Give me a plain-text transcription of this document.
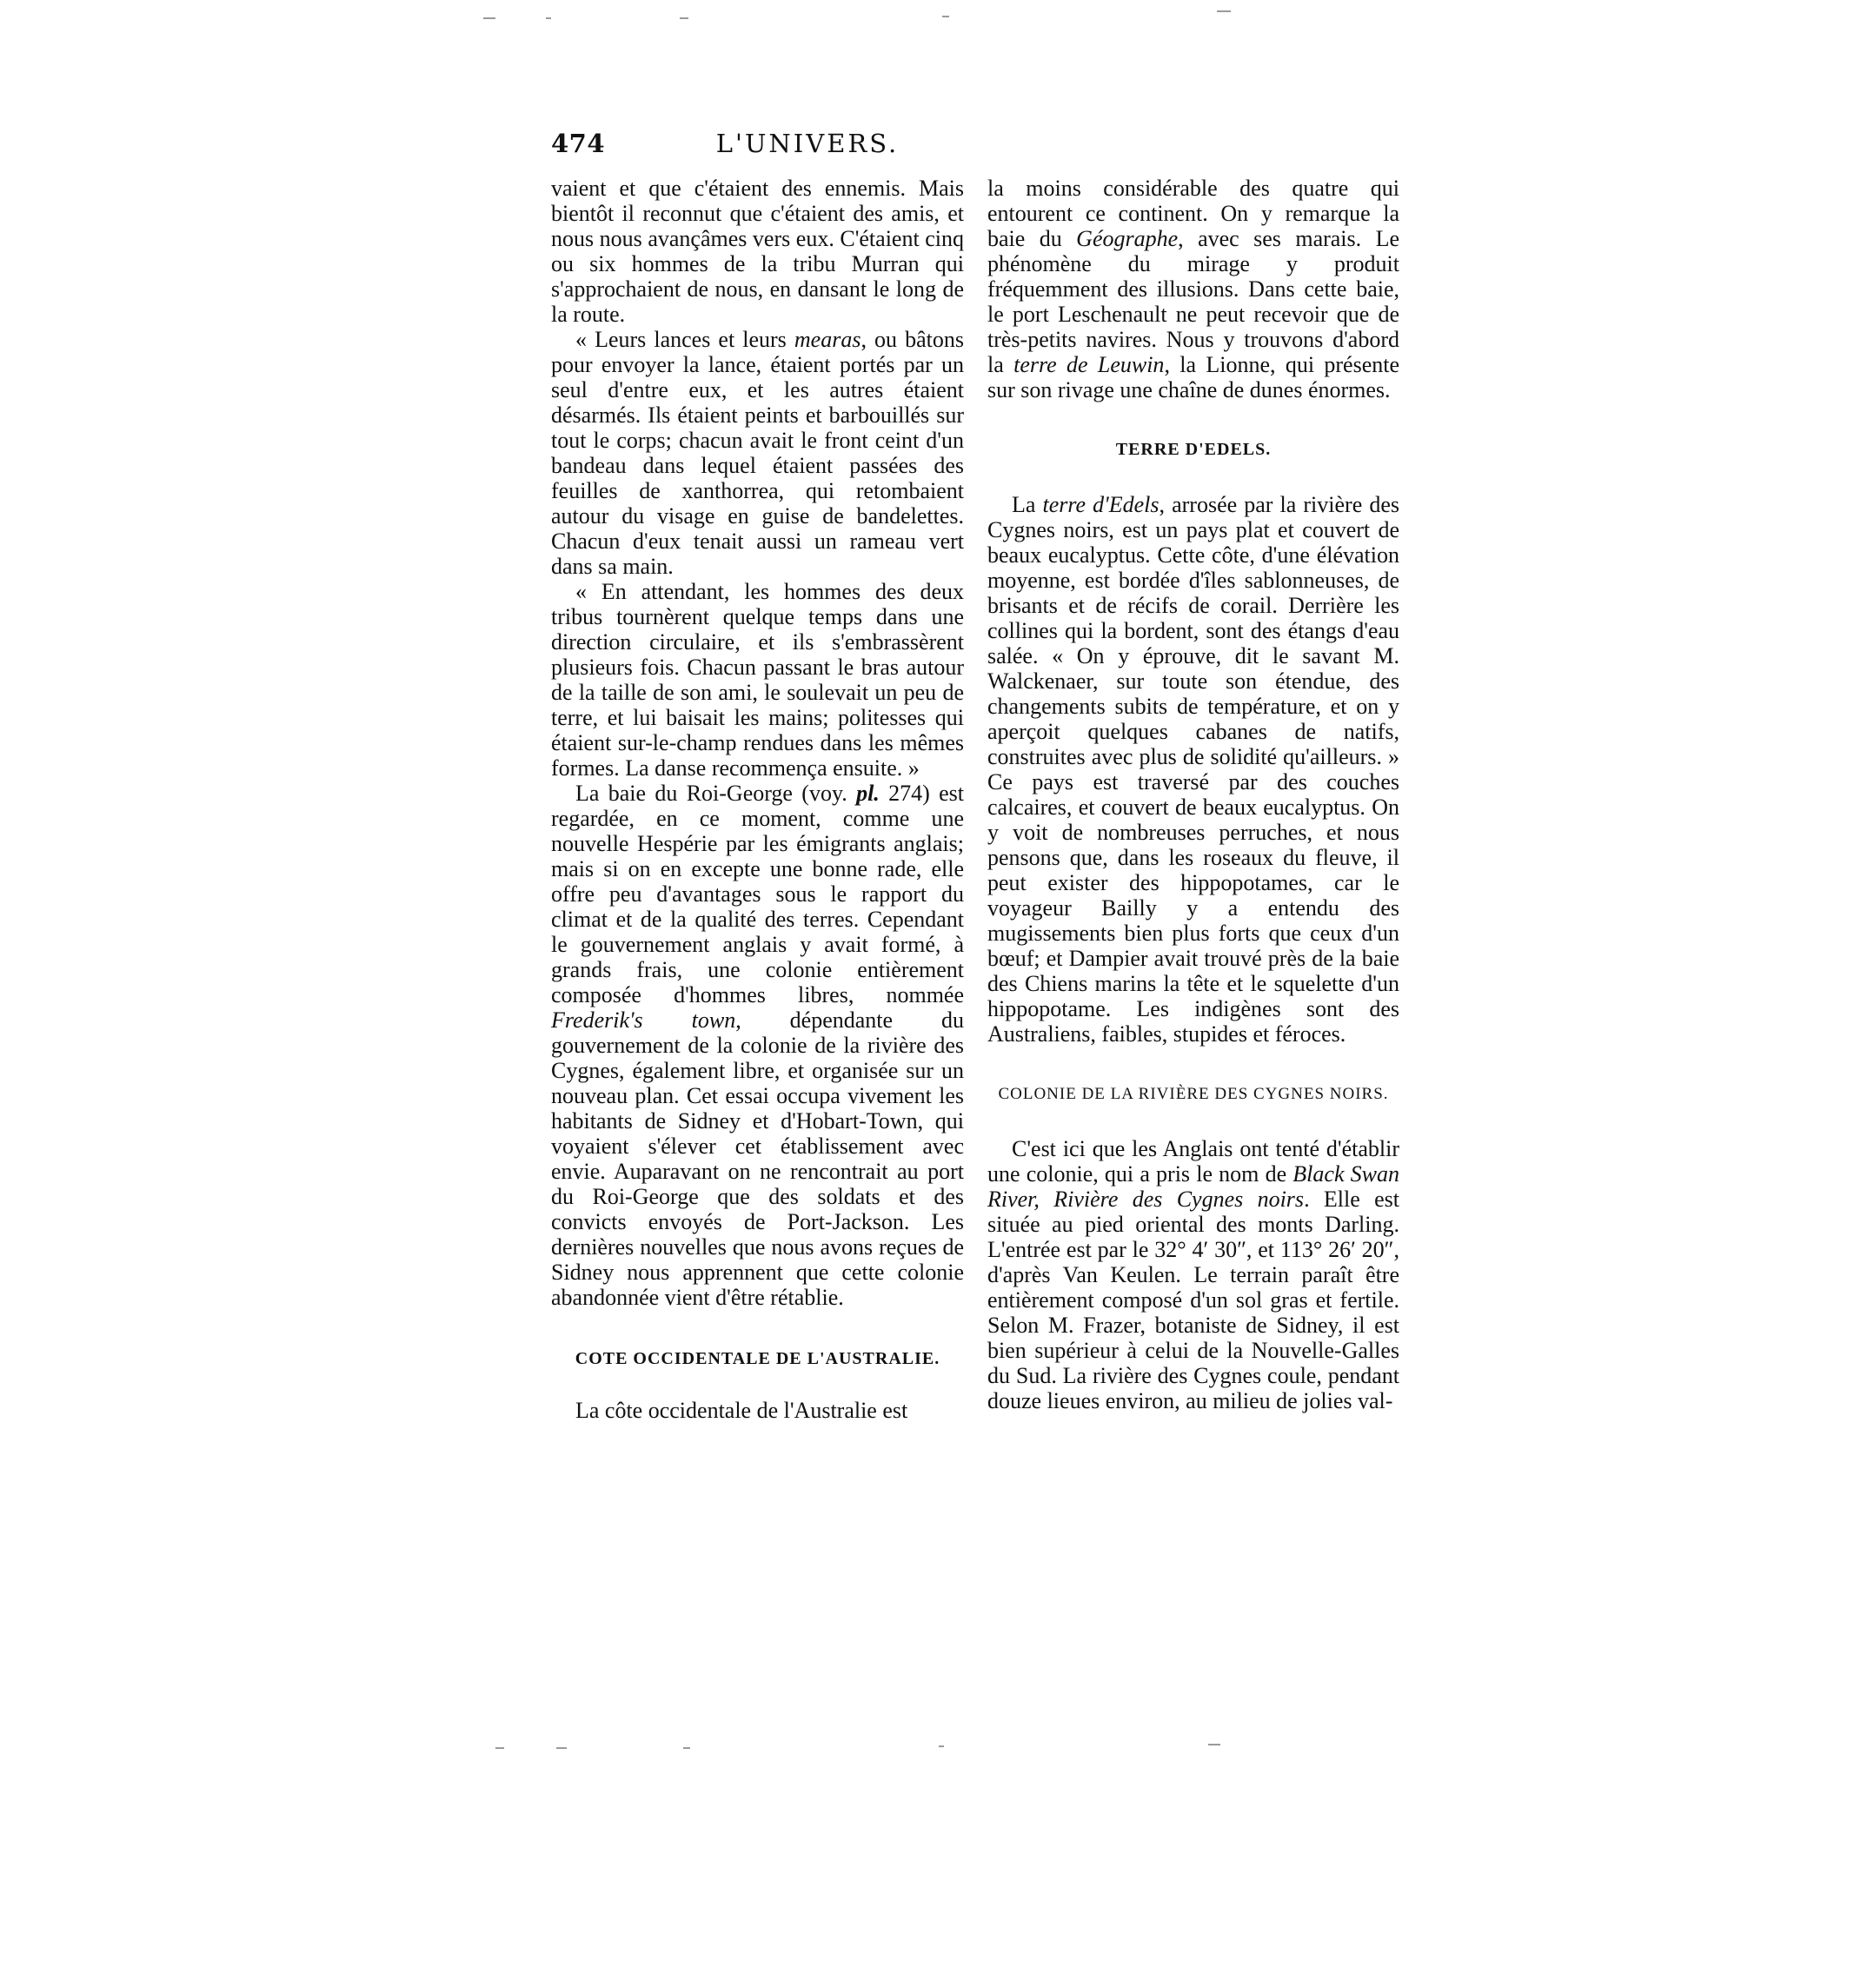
474	L'UNIVERS.

vaient et que c'étaient des ennemis. Mais bientôt il reconnut que c'étaient des amis, et nous nous avançâmes vers eux. C'étaient cinq ou six hommes de la tribu Murran qui s'approchaient de nous, en dansant le long de la route.

« Leurs lances et leurs mearas, ou bâtons pour envoyer la lance, étaient portés par un seul d'entre eux, et les autres étaient désarmés. Ils étaient peints et barbouillés sur tout le corps; chacun avait le front ceint d'un bandeau dans lequel étaient passées des feuilles de xanthorrea, qui retombaient autour du visage en guise de bandelettes. Chacun d'eux tenait aussi un rameau vert dans sa main.

« En attendant, les hommes des deux tribus tournèrent quelque temps dans une direction circulaire, et ils s'embrassèrent plusieurs fois. Chacun passant le bras autour de la taille de son ami, le soulevait un peu de terre, et lui baisait les mains; politesses qui étaient sur-le-champ rendues dans les mêmes formes. La danse recommença ensuite. »

La baie du Roi-George (voy. pl. 274) est regardée, en ce moment, comme une nouvelle Hespérie par les émigrants anglais; mais si on en excepte une bonne rade, elle offre peu d'avantages sous le rapport du climat et de la qualité des terres. Cependant le gouvernement anglais y avait formé, à grands frais, une colonie entièrement composée d'hommes libres, nommée Frederik's town, dépendante du gouvernement de la colonie de la rivière des Cygnes, également libre, et organisée sur un nouveau plan. Cet essai occupa vivement les habitants de Sidney et d'Hobart-Town, qui voyaient s'élever cet établissement avec envie. Auparavant on ne rencontrait au port du Roi-George que des soldats et des convicts envoyés de Port-Jackson. Les dernières nouvelles que nous avons reçues de Sidney nous apprennent que cette colonie abandonnée vient d'être rétablie.

COTE OCCIDENTALE DE L'AUSTRALIE.

La côte occidentale de l'Australie est

la moins considérable des quatre qui entourent ce continent. On y remarque la baie du Géographe, avec ses marais. Le phénomène du mirage y produit fréquemment des illusions. Dans cette baie, le port Leschenault ne peut recevoir que de très-petits navires. Nous y trouvons d'abord la terre de Leuwin, la Lionne, qui présente sur son rivage une chaîne de dunes énormes.

TERRE D'EDELS.

La terre d'Edels, arrosée par la rivière des Cygnes noirs, est un pays plat et couvert de beaux eucalyptus. Cette côte, d'une élévation moyenne, est bordée d'îles sablonneuses, de brisants et de récifs de corail. Derrière les collines qui la bordent, sont des étangs d'eau salée. « On y éprouve, dit le savant M. Walckenaer, sur toute son étendue, des changements subits de température, et on y aperçoit quelques cabanes de natifs, construites avec plus de solidité qu'ailleurs. » Ce pays est traversé par des couches calcaires, et couvert de beaux eucalyptus. On y voit de nombreuses perruches, et nous pensons que, dans les roseaux du fleuve, il peut exister des hippopotames, car le voyageur Bailly y a entendu des mugissements bien plus forts que ceux d'un bœuf; et Dampier avait trouvé près de la baie des Chiens marins la tête et le squelette d'un hippopotame. Les indigènes sont des Australiens, faibles, stupides et féroces.

COLONIE DE LA RIVIÈRE DES CYGNES NOIRS.

C'est ici que les Anglais ont tenté d'établir une colonie, qui a pris le nom de Black Swan River, Rivière des Cygnes noirs. Elle est située au pied oriental des monts Darling. L'entrée est par le 32° 4′ 30″, et 113° 26′ 20″, d'après Van Keulen. Le terrain paraît être entièrement composé d'un sol gras et fertile. Selon M. Frazer, botaniste de Sidney, il est bien supérieur à celui de la Nouvelle-Galles du Sud. La rivière des Cygnes coule, pendant douze lieues environ, au milieu de jolies val-
